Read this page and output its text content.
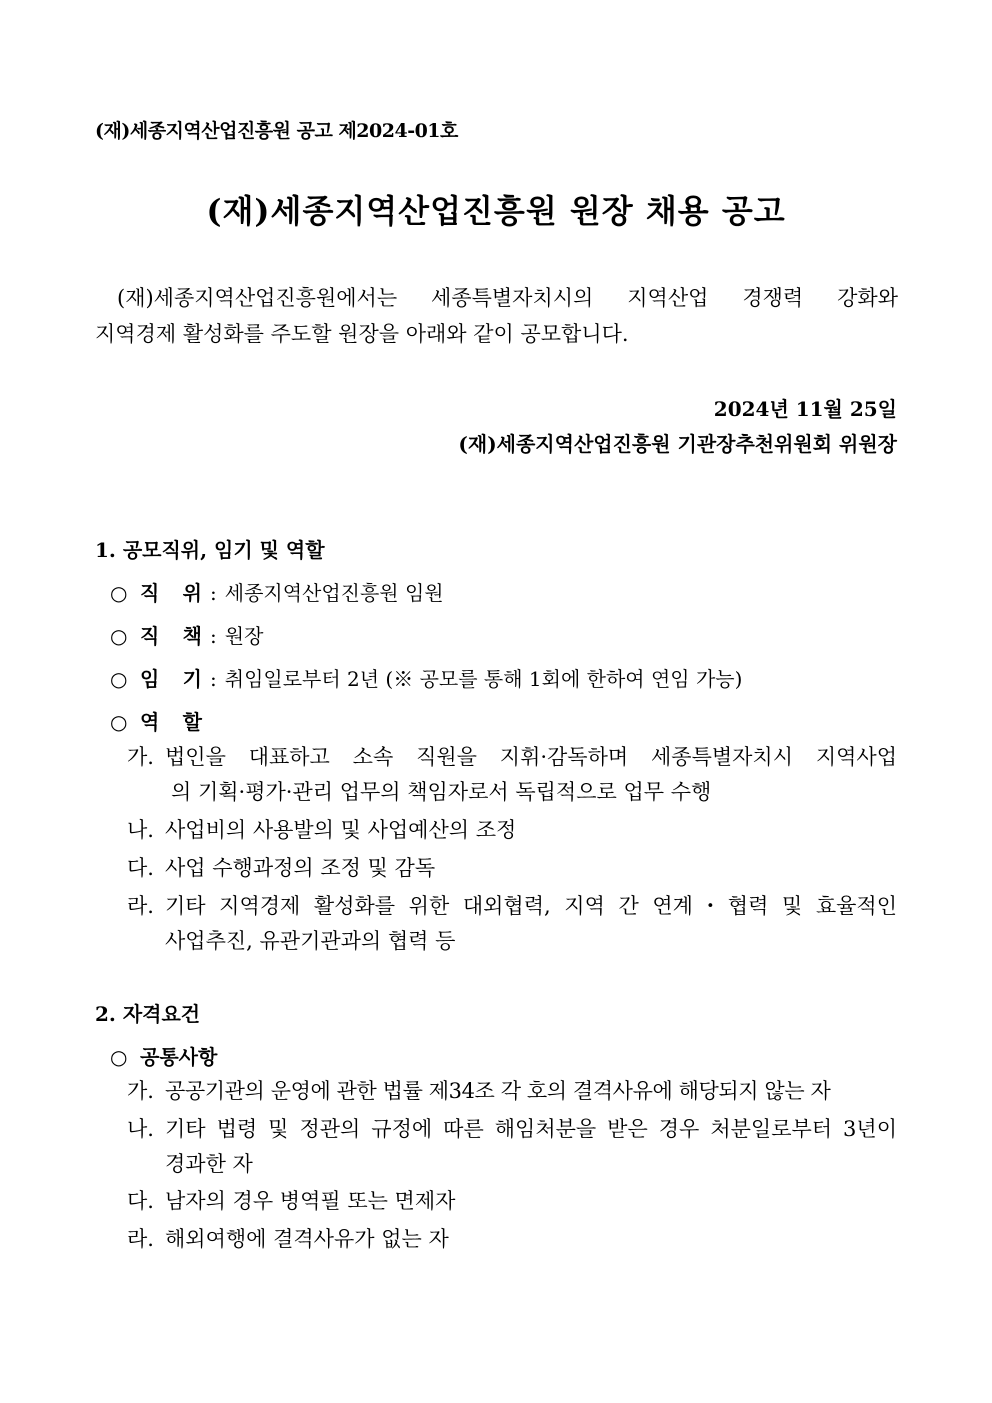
(재)세종지역산업진흥원 공고 제2024-01호
(재)세종지역산업진흥원 원장 채용 공고
(재)세종지역산업진흥원에서는 세종특별자치시의 지역산업 경쟁력 강화와
지역경제 활성화를 주도할 원장을 아래와 같이 공모합니다.
2024년 11월 25일
(재)세종지역산업진흥원 기관장추천위원회 위원장
1. 공모직위, 임기 및 역할
○ 직 위 : 세종지역산업진흥원 임원
○ 직 책 : 원장
○ 임 기 : 취임일로부터 2년 (※ 공모를 통해 1회에 한하여 연임 가능)
○ 역 할
가. 법인을 대표하고 소속 직원을 지휘·감독하며 세종특별자치시 지역사업
의 기획·평가·관리 업무의 책임자로서 독립적으로 업무 수행
나. 사업비의 사용발의 및 사업예산의 조정
다. 사업 수행과정의 조정 및 감독
라. 기타 지역경제 활성화를 위한 대외협력, 지역 간 연계・협력 및 효율적인
사업추진, 유관기관과의 협력 등
2. 자격요건
○ 공통사항
가. 공공기관의 운영에 관한 법률 제34조 각 호의 결격사유에 해당되지 않는 자
나. 기타 법령 및 정관의 규정에 따른 해임처분을 받은 경우 처분일로부터 3년이
경과한 자
다. 남자의 경우 병역필 또는 면제자
라. 해외여행에 결격사유가 없는 자
